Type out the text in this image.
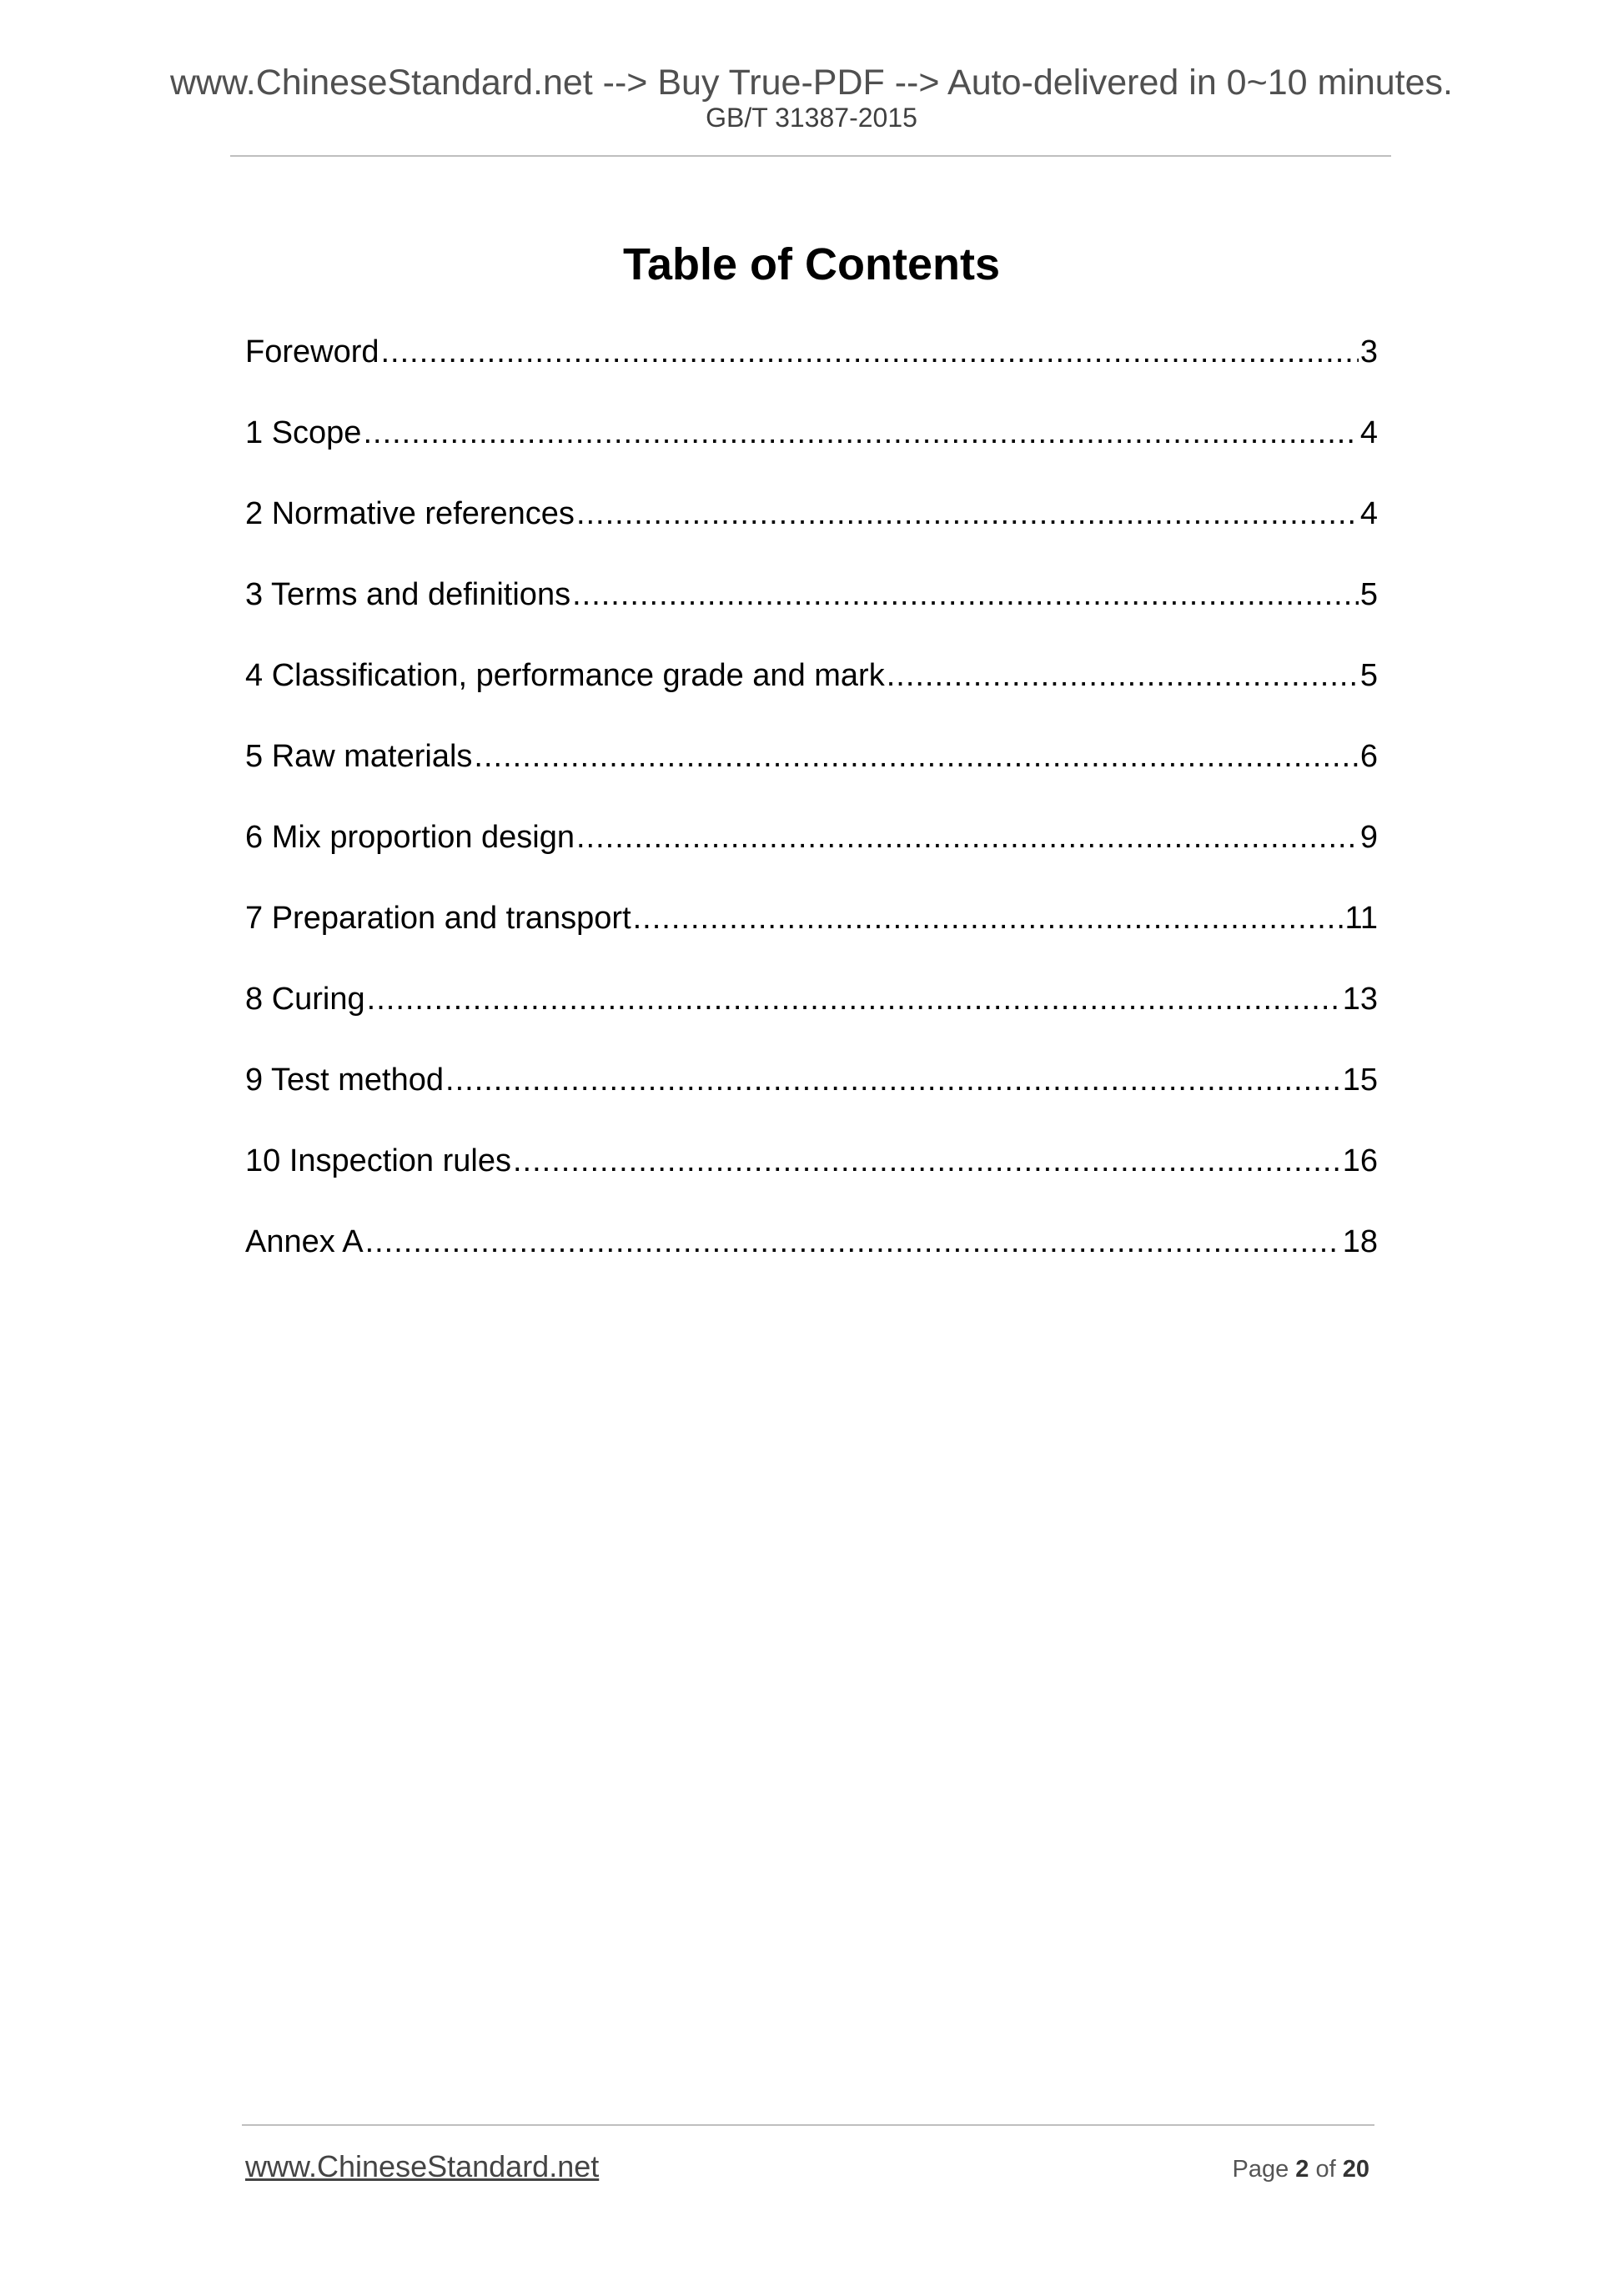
www.ChineseStandard.net --> Buy True-PDF --> Auto-delivered in 0~10 minutes.
GB/T 31387-2015
Table of Contents
Foreword .....	3
1 Scope .....	4
2 Normative references .....	4
3 Terms and definitions .....	5
4 Classification, performance grade and mark .....	5
5 Raw materials .....	6
6 Mix proportion design .....	9
7 Preparation and transport .....	11
8 Curing .....	13
9 Test method .....	15
10 Inspection rules .....	16
Annex A .....	18
www.ChineseStandard.net	Page 2 of 20
